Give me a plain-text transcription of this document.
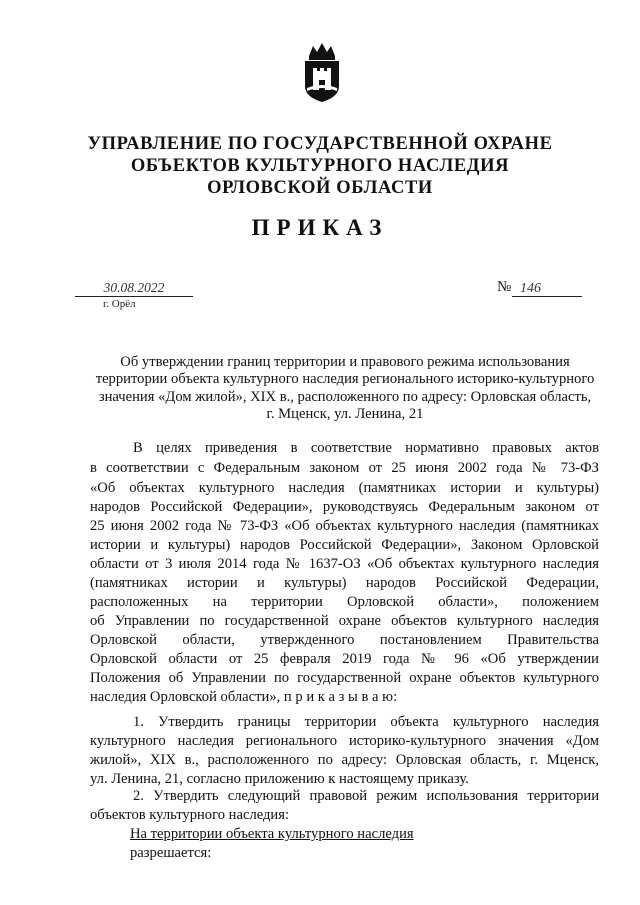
УПРАВЛЕНИЕ ПО ГОСУДАРСТВЕННОЙ ОХРАНЕ
ОБЪЕКТОВ КУЛЬТУРНОГО НАСЛЕДИЯ
ОРЛОВСКОЙ ОБЛАСТИ
ПРИКАЗ
30.08.2022
г. Орёл
№ 146
Об утверждении границ территории и правового режима использования
территории объекта культурного наследия регионального историко-культурного
значения «Дом жилой», XIX в., расположенного по адресу: Орловская область,
г. Мценск, ул. Ленина, 21
В целях приведения в соответствие нормативно правовых актов
в соответствии с Федеральным законом от 25 июня 2002 года № 73-ФЗ
«Об объектах культурного наследия (памятниках истории и культуры)
народов Российской Федерации», руководствуясь Федеральным законом от
25 июня 2002 года № 73-ФЗ «Об объектах культурного наследия (памятниках
истории и культуры) народов Российской Федерации», Законом Орловской
области от 3 июля 2014 года № 1637-ОЗ «Об объектах культурного наследия
(памятниках истории и культуры) народов Российской Федерации,
расположенных на территории Орловской области», положением
об Управлении по государственной охране объектов культурного наследия
Орловской области, утвержденного постановлением Правительства
Орловской области от 25 февраля 2019 года № 96 «Об утверждении
Положения об Управлении по государственной охране объектов культурного
наследия Орловской области», п р и к а з ы в а ю:
1. Утвердить границы территории объекта культурного наследия
культурного наследия регионального историко-культурного значения «Дом
жилой», XIX в., расположенного по адресу: Орловская область, г. Мценск,
ул. Ленина, 21, согласно приложению к настоящему приказу.
2. Утвердить следующий правовой режим использования территории
объектов культурного наследия:
На территории объекта культурного наследия
разрешается:
